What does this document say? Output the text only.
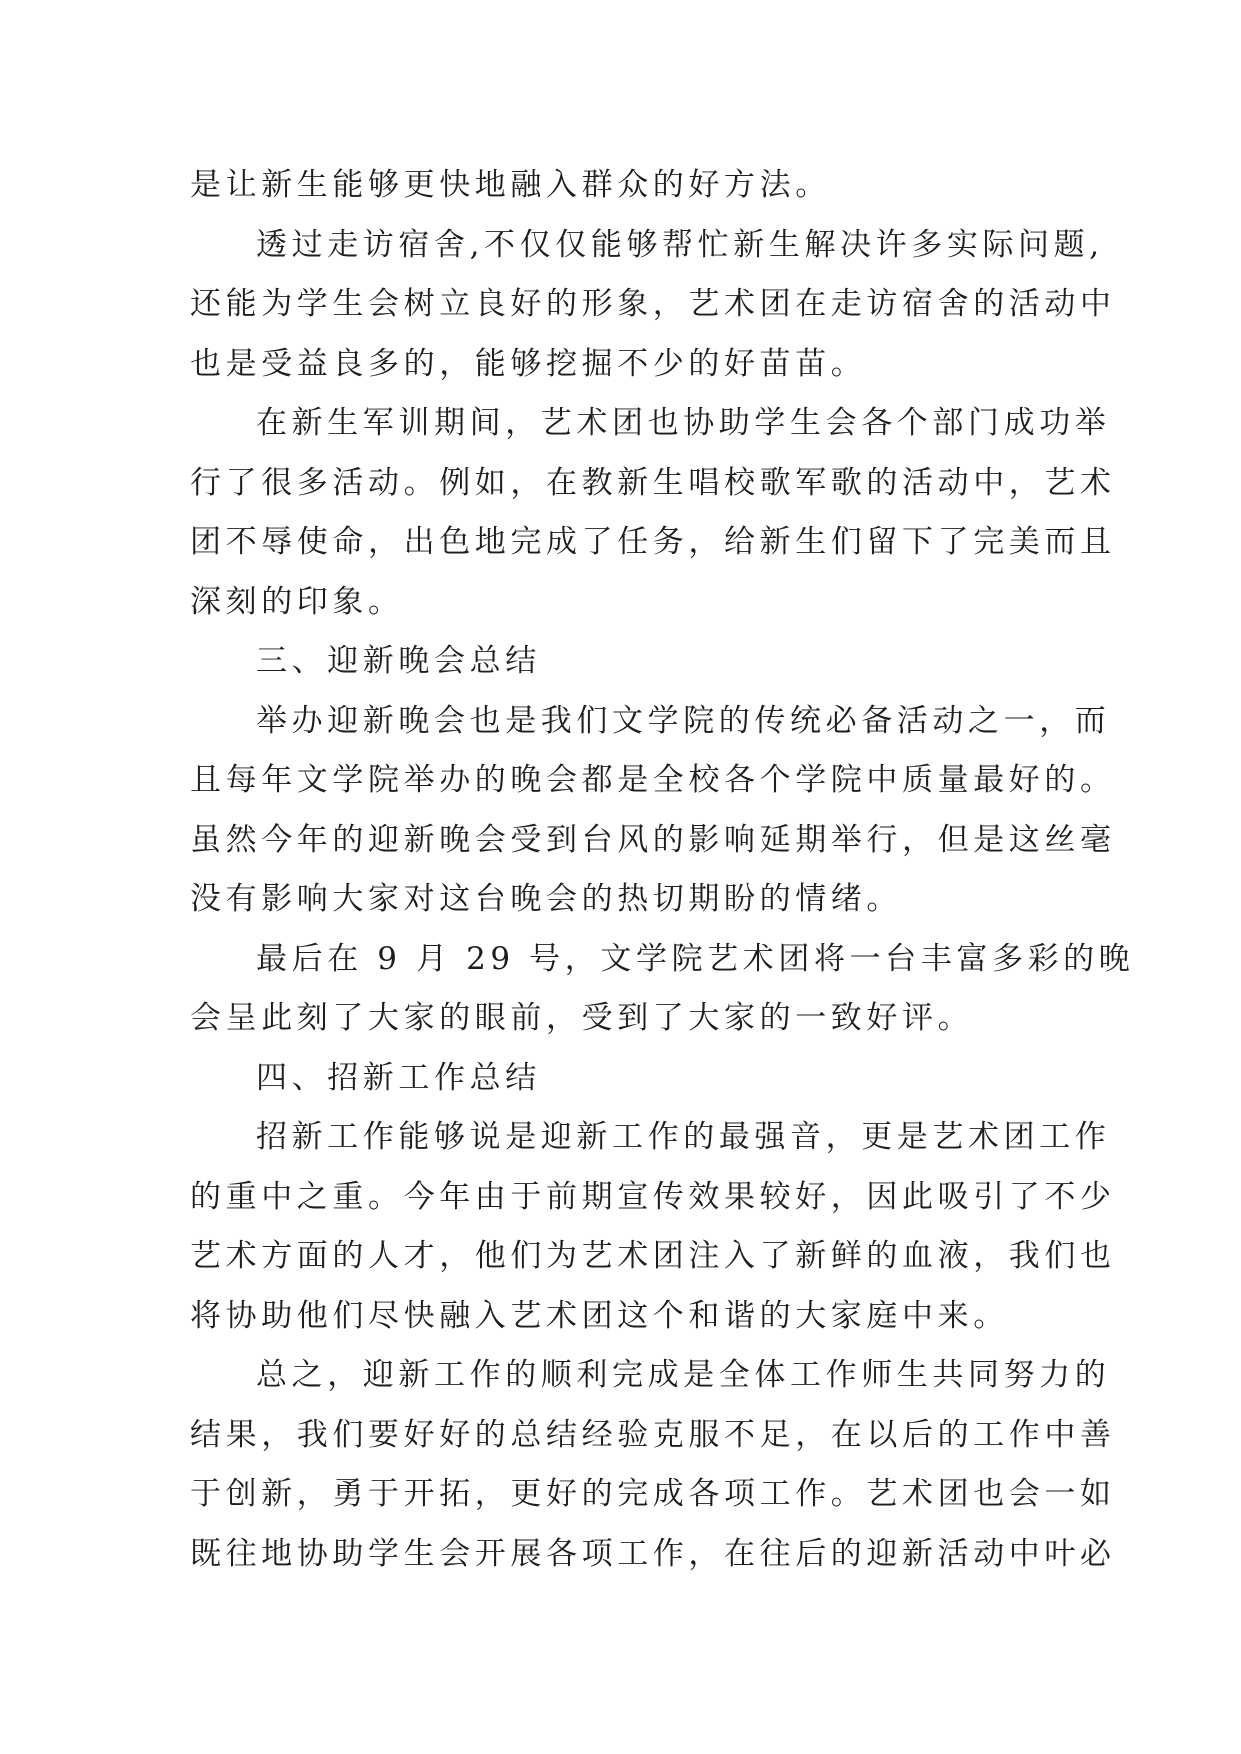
是让新生能够更快地融入群众的好方法。
透过走访宿舍,不仅仅能够帮忙新生解决许多实际问题,
还能为学生会树立良好的形象，艺术团在走访宿舍的活动中
也是受益良多的，能够挖掘不少的好苗苗。
在新生军训期间，艺术团也协助学生会各个部门成功举
行了很多活动。例如，在教新生唱校歌军歌的活动中，艺术
团不辱使命，出色地完成了任务，给新生们留下了完美而且
深刻的印象。
三、迎新晚会总结
举办迎新晚会也是我们文学院的传统必备活动之一，而
且每年文学院举办的晚会都是全校各个学院中质量最好的。
虽然今年的迎新晚会受到台风的影响延期举行，但是这丝毫
没有影响大家对这台晚会的热切期盼的情绪。
最后在 9 月 29 号，文学院艺术团将一台丰富多彩的晚
会呈此刻了大家的眼前，受到了大家的一致好评。
四、招新工作总结
招新工作能够说是迎新工作的最强音，更是艺术团工作
的重中之重。今年由于前期宣传效果较好，因此吸引了不少
艺术方面的人才，他们为艺术团注入了新鲜的血液，我们也
将协助他们尽快融入艺术团这个和谐的大家庭中来。
总之，迎新工作的顺利完成是全体工作师生共同努力的
结果，我们要好好的总结经验克服不足，在以后的工作中善
于创新，勇于开拓，更好的完成各项工作。艺术团也会一如
既往地协助学生会开展各项工作，在往后的迎新活动中叶必
